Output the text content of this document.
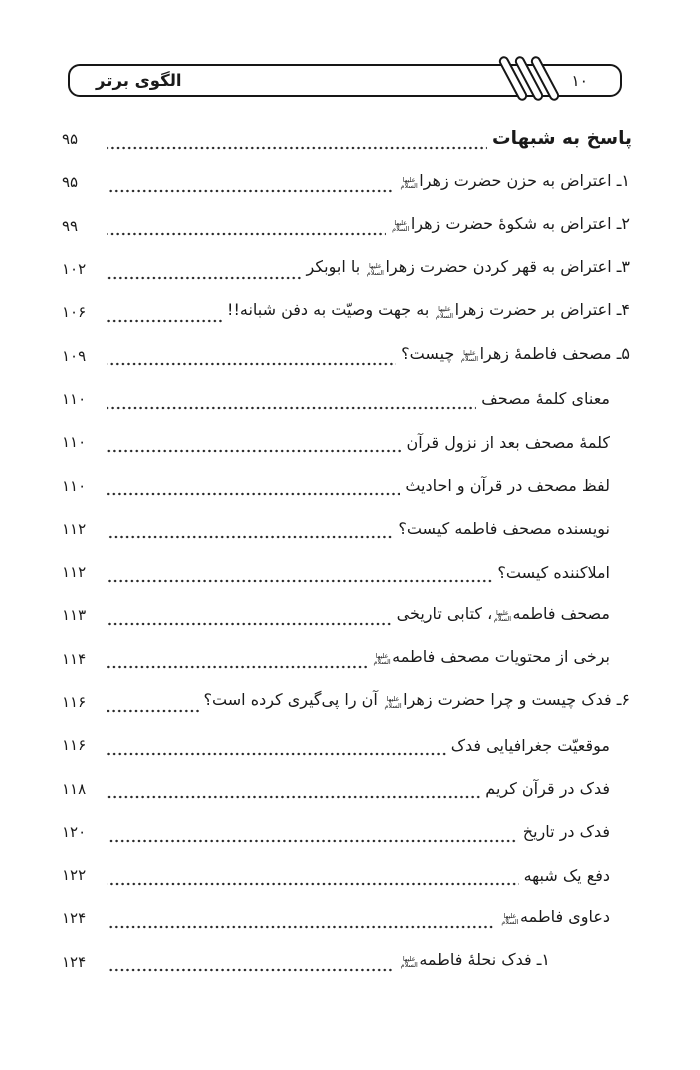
الگوی برتر	۱۰
پاسخ به شبهات
۹۵
۱ـ اعتراض به حزن حضرت زهرا
علیها
السلام
۹۵
۲ـ اعتراض به شکوۀ حضرت زهرا
علیها
السلام
۹۹
۳ـ اعتراض به قهر کردن حضرت زهرا
علیها
السلام
با ابوبکر
۱۰۲
۴ـ اعتراض بر حضرت زهرا
علیها
السلام
به جهت وصیّت به دفن شبانه!!
۱۰۶
۵ـ مصحف فاطمۀ زهرا
علیها
السلام
چیست؟
۱۰۹
معنای کلمۀ مصحف
۱۱۰
کلمۀ مصحف بعد از نزول قرآن
۱۱۰
لفظ مصحف در قرآن و احادیث
۱۱۰
نویسنده مصحف فاطمه کیست؟
۱۱۲
املاکننده کیست؟
۱۱۲
مصحف فاطمه
علیها
السلام
، کتابی تاریخی
۱۱۳
برخی از محتویات مصحف فاطمه
علیها
السلام
۱۱۴
۶ـ فدک چیست و چرا حضرت زهرا
علیها
السلام
آن را پی‌گیری کرده است؟
۱۱۶
موقعیّت جغرافیایی فدک
۱۱۶
فدک در قرآن کریم
۱۱۸
فدک در تاریخ
۱۲۰
دفع یک شبهه
۱۲۲
دعاوی فاطمه
علیها
السلام
۱۲۴
۱ـ فدک نحلۀ فاطمه
علیها
السلام
۱۲۴
